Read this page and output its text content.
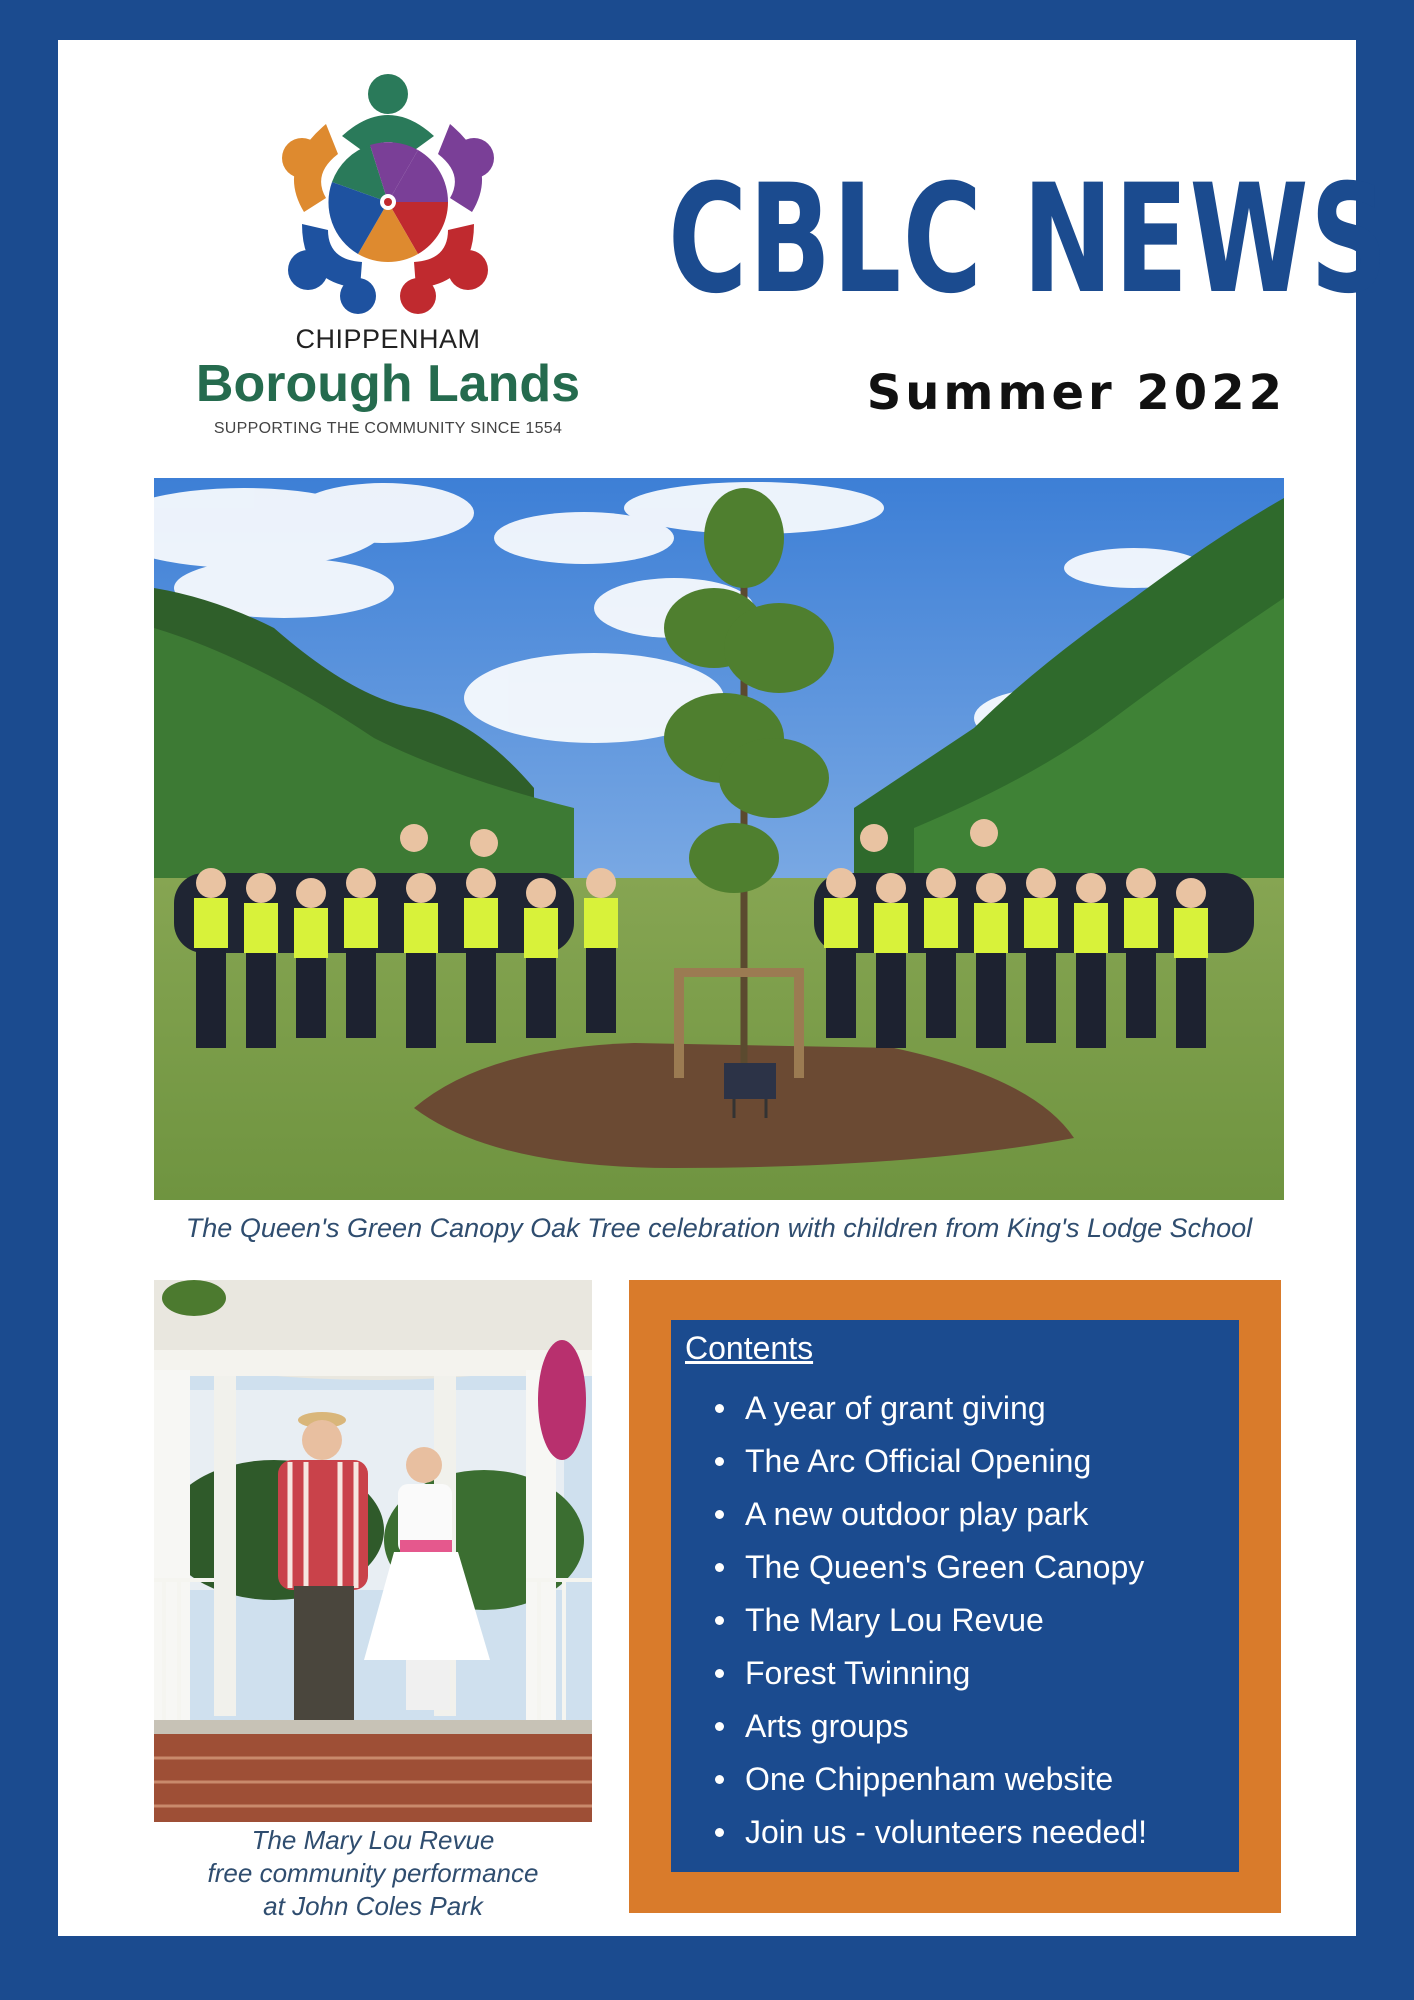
CHIPPENHAM
Borough Lands
SUPPORTING THE COMMUNITY SINCE 1554
CBLC NEWS
Summer 2022
The Queen's Green Canopy Oak Tree celebration with children from King's Lodge School
The Mary Lou Revue
free community performance
at John Coles Park
Contents
A year of grant giving
The Arc Official Opening
A new outdoor play park
The Queen's Green Canopy
The Mary Lou Revue
Forest Twinning
Arts groups
One Chippenham website
Join us - volunteers needed!
